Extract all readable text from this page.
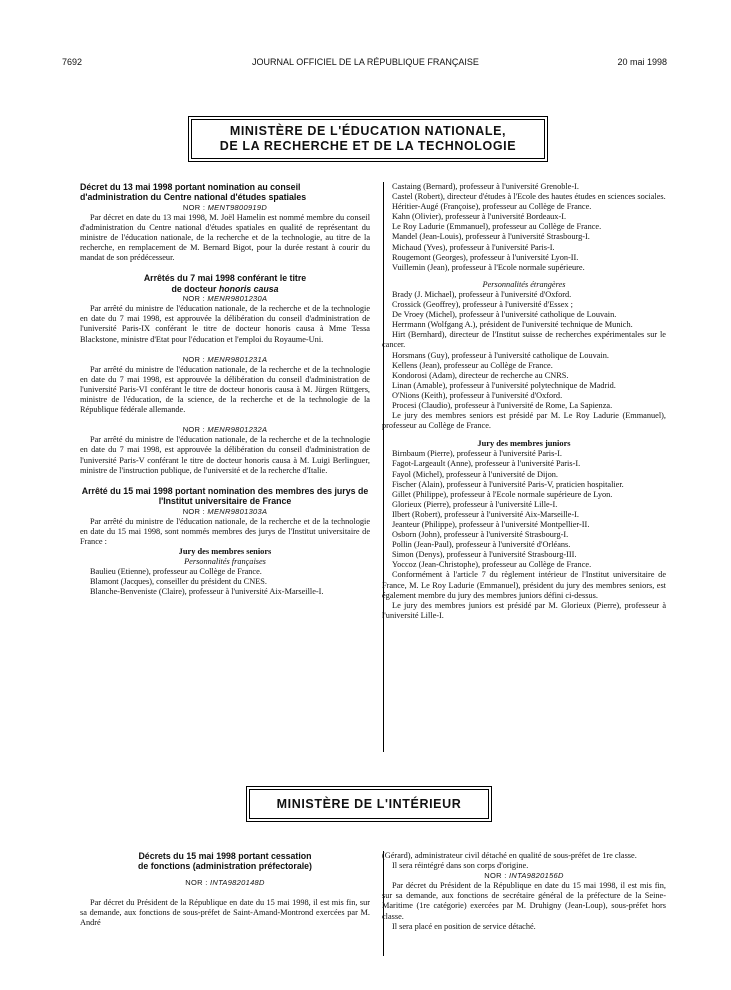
7692	JOURNAL OFFICIEL DE LA RÉPUBLIQUE FRANÇAISE	20 mai 1998
MINISTÈRE DE L'ÉDUCATION NATIONALE,
DE LA RECHERCHE ET DE LA TECHNOLOGIE

Décret du 13 mai 1998 portant nomination au conseil d'administration du Centre national d'études spatiales

NOR : MENT9800919D

Par décret en date du 13 mai 1998, M. Joël Hamelin est nommé membre du conseil d'administration du Centre national d'études spatiales en qualité de représentant du ministre de l'éducation nationale, de la recherche et de la technologie, au titre de la recherche, en remplacement de M. Bernard Bigot, pour la durée restant à courir du mandat de son prédécesseur.

Arrêtés du 7 mai 1998 conférant le titre
de docteur honoris causa

NOR : MENR9801230A

Par arrêté du ministre de l'éducation nationale, de la recherche et de la technologie en date du 7 mai 1998, est approuvée la délibération du conseil d'administration de l'université Paris-IX conférant le titre de docteur honoris causa à Mme Tessa Blackstone, ministre d'Etat pour l'éducation et l'emploi du Royaume-Uni.

NOR : MENR9801231A

Par arrêté du ministre de l'éducation nationale, de la recherche et de la technologie en date du 7 mai 1998, est approuvée la délibération du conseil d'administration de l'université Paris-VI conférant le titre de docteur honoris causa à M. Jürgen Rüttgers, ministre de l'éducation, de la science, de la recherche et de la technologie de la République fédérale allemande.

NOR : MENR9801232A

Par arrêté du ministre de l'éducation nationale, de la recherche et de la technologie en date du 7 mai 1998, est approuvée la délibération du conseil d'administration de l'université Paris-V conférant le titre de docteur honoris causa à M. Luigi Berlinguer, ministre de l'instruction publique, de l'université et de la recherche d'Italie.

Arrêté du 15 mai 1998 portant nomination des membres des jurys de l'Institut universitaire de France

NOR : MENR9801303A

Par arrêté du ministre de l'éducation nationale, de la recherche et de la technologie en date du 15 mai 1998, sont nommés membres des jurys de l'Institut universitaire de France :

Jury des membres seniors

Personnalités françaises

Baulieu (Etienne), professeur au Collège de France.

Blamont (Jacques), conseiller du président du CNES.

Blanche-Benveniste (Claire), professeur à l'université Aix-Marseille-I.

Castaing (Bernard), professeur à l'université Grenoble-I.

Castel (Robert), directeur d'études à l'Ecole des hautes études en sciences sociales.

Héritier-Augé (Françoise), professeur au Collège de France.

Kahn (Olivier), professeur à l'université Bordeaux-I.

Le Roy Ladurie (Emmanuel), professeur au Collège de France.

Mandel (Jean-Louis), professeur à l'université Strasbourg-I.

Michaud (Yves), professeur à l'université Paris-I.

Rougemont (Georges), professeur à l'université Lyon-II.

Vuillemin (Jean), professeur à l'Ecole normale supérieure.

Personnalités étrangères

Brady (J. Michael), professeur à l'université d'Oxford.

Crossick (Geoffrey), professeur à l'université d'Essex ;

De Vroey (Michel), professeur à l'université catholique de Louvain.

Herrmann (Wolfgang A.), président de l'université technique de Munich.

Hirt (Bernhard), directeur de l'Institut suisse de recherches expérimentales sur le cancer.

Horsmans (Guy), professeur à l'université catholique de Louvain.

Kellens (Jean), professeur au Collège de France.

Kondorosi (Adam), directeur de recherche au CNRS.

Linan (Amable), professeur à l'université polytechnique de Madrid.

O'Nions (Keith), professeur à l'université d'Oxford.

Procesi (Claudio), professeur à l'université de Rome, La Sapienza.

Le jury des membres seniors est présidé par M. Le Roy Ladurie (Emmanuel), professeur au Collège de France.

Jury des membres juniors

Birnbaum (Pierre), professeur à l'université Paris-I.

Fagot-Largeault (Anne), professeur à l'université Paris-I.

Fayol (Michel), professeur à l'université de Dijon.

Fischer (Alain), professeur à l'université Paris-V, praticien hospitalier.

Gillet (Philippe), professeur à l'Ecole normale supérieure de Lyon.

Glorieux (Pierre), professeur à l'université Lille-I.

Ilbert (Robert), professeur à l'université Aix-Marseille-I.

Jeanteur (Philippe), professeur à l'université Montpellier-II.

Osborn (John), professeur à l'université Strasbourg-I.

Pollin (Jean-Paul), professeur à l'université d'Orléans.

Simon (Denys), professeur à l'université Strasbourg-III.

Yoccoz (Jean-Christophe), professeur au Collège de France.

Conformément à l'article 7 du règlement intérieur de l'Institut universitaire de France, M. Le Roy Ladurie (Emmanuel), président du jury des membres seniors, est également membre du jury des membres juniors défini ci-dessus.

Le jury des membres juniors est présidé par M. Glorieux (Pierre), professeur à l'université Lille-I.

MINISTÈRE DE L'INTÉRIEUR

Décrets du 15 mai 1998 portant cessation
de fonctions (administration préfectorale)

NOR : INTA9820148D

Par décret du Président de la République en date du 15 mai 1998, il est mis fin, sur sa demande, aux fonctions de sous-préfet de Saint-Amand-Montrond exercées par M. André

(Gérard), administrateur civil détaché en qualité de sous-préfet de 1re classe.

Il sera réintégré dans son corps d'origine.

NOR : INTA9820156D

Par décret du Président de la République en date du 15 mai 1998, il est mis fin, sur sa demande, aux fonctions de secrétaire général de la préfecture de la Seine-Maritime (1re catégorie) exercées par M. Druhigny (Jean-Loup), sous-préfet hors classe.

Il sera placé en position de service détaché.
